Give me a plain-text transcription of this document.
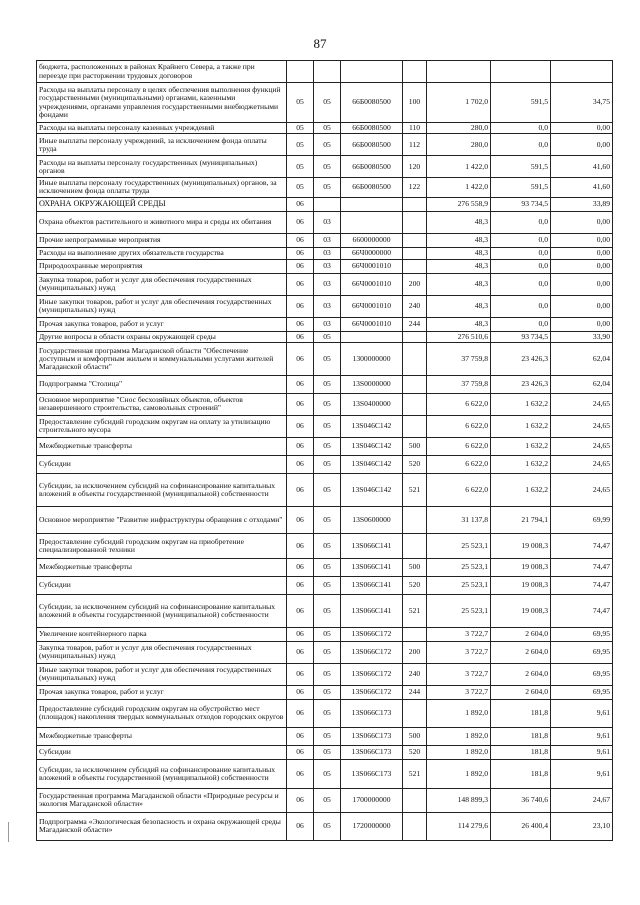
87
бюджета, расположенных в районах Крайнего Севера, а также при переезде при расторжении трудовых договоров							
Расходы на выплаты персоналу в целях обеспечения выполнения функций государственными (муниципальными) органами, казенными учреждениями, органами управления государственными внебюджетными фондами	05	05	66Б0080500	100	1 702,0	591,5	34,75
Расходы на выплаты персоналу казенных учреждений	05	05	66Б0080500	110	280,0	0,0	0,00
Иные выплаты персоналу учреждений, за исключением фонда оплаты труда	05	05	66Б0080500	112	280,0	0,0	0,00
Расходы на выплаты персоналу государственных (муниципальных) органов	05	05	66Б0080500	120	1 422,0	591,5	41,60
Иные выплаты персоналу государственных (муниципальных) органов, за исключением фонда оплаты труда	05	05	66Б0080500	122	1 422,0	591,5	41,60
ОХРАНА ОКРУЖАЮЩЕЙ СРЕДЫ	06				276 558,9	93 734,5	33,89
Охрана объектов растительного и животного мира и среды их обитания	06	03			48,3	0,0	0,00
Прочие непрограммные мероприятия	06	03	6600000000		48,3	0,0	0,00
Расходы на выполнение других обязательств государства	06	03	66Ч0000000		48,3	0,0	0,00
Природоохранные мероприятия	06	03	66Ч0001010		48,3	0,0	0,00
Закупка товаров, работ и услуг для обеспечения государственных (муниципальных) нужд	06	03	66Ч0001010	200	48,3	0,0	0,00
Иные закупки товаров, работ и услуг для обеспечения государственных (муниципальных) нужд	06	03	66Ч0001010	240	48,3	0,0	0,00
Прочая закупка товаров, работ и услуг	06	03	66Ч0001010	244	48,3	0,0	0,00
Другие вопросы в области охраны окружающей среды	06	05			276 510,6	93 734,5	33,90
Государственная программа Магаданской области "Обеспечение доступным и комфортным жильем и коммунальными услугами жителей Магаданской области"	06	05	1300000000		37 759,8	23 426,3	62,04
Подпрограмма "Столица"	06	05	13S0000000		37 759,8	23 426,3	62,04
Основное мероприятие "Снос бесхозяйных объектов, объектов незавершенного строительства, самовольных строений"	06	05	13S0400000		6 622,0	1 632,2	24,65
Предоставление субсидий городским округам на оплату за утилизацию строительного мусора	06	05	13S046C142		6 622,0	1 632,2	24,65
Межбюджетные трансферты	06	05	13S046C142	500	6 622,0	1 632,2	24,65
Субсидии	06	05	13S046C142	520	6 622,0	1 632,2	24,65
Субсидии, за исключением субсидий на софинансирование капитальных вложений в объекты государственной (муниципальной) собственности	06	05	13S046C142	521	6 622,0	1 632,2	24,65
Основное мероприятие "Развитие инфраструктуры обращения с отходами"	06	05	13S0600000		31 137,8	21 794,1	69,99
Предоставление субсидий городским округам на приобретение специализированной техники	06	05	13S066C141		25 523,1	19 008,3	74,47
Межбюджетные трансферты	06	05	13S066C141	500	25 523,1	19 008,3	74,47
Субсидии	06	05	13S066C141	520	25 523,1	19 008,3	74,47
Субсидии, за исключением субсидий на софинансирование капитальных вложений в объекты государственной (муниципальной) собственности	06	05	13S066C141	521	25 523,1	19 008,3	74,47
Увеличение контейнерного парка	06	05	13S066C172		3 722,7	2 604,0	69,95
Закупка товаров, работ и услуг для обеспечения государственных (муниципальных) нужд	06	05	13S066C172	200	3 722,7	2 604,0	69,95
Иные закупки товаров, работ и услуг для обеспечения государственных (муниципальных) нужд	06	05	13S066C172	240	3 722,7	2 604,0	69,95
Прочая закупка товаров, работ и услуг	06	05	13S066C172	244	3 722,7	2 604,0	69,95
Предоставление субсидий городским округам на обустройство мест (площадок) накопления твердых коммунальных отходов городских округов	06	05	13S066C173		1 892,0	181,8	9,61
Межбюджетные трансферты	06	05	13S066C173	500	1 892,0	181,8	9,61
Субсидии	06	05	13S066C173	520	1 892,0	181,8	9,61
Субсидии, за исключением субсидий на софинансирование капитальных вложений в объекты государственной (муниципальной) собственности	06	05	13S066C173	521	1 892,0	181,8	9,61
Государственная программа Магаданской области «Природные ресурсы и экология Магаданской области»	06	05	1700000000		148 899,3	36 740,6	24,67
Подпрограмма «Экологическая безопасность и охрана окружающей среды Магаданской области»	06	05	1720000000		114 279,6	26 400,4	23,10
